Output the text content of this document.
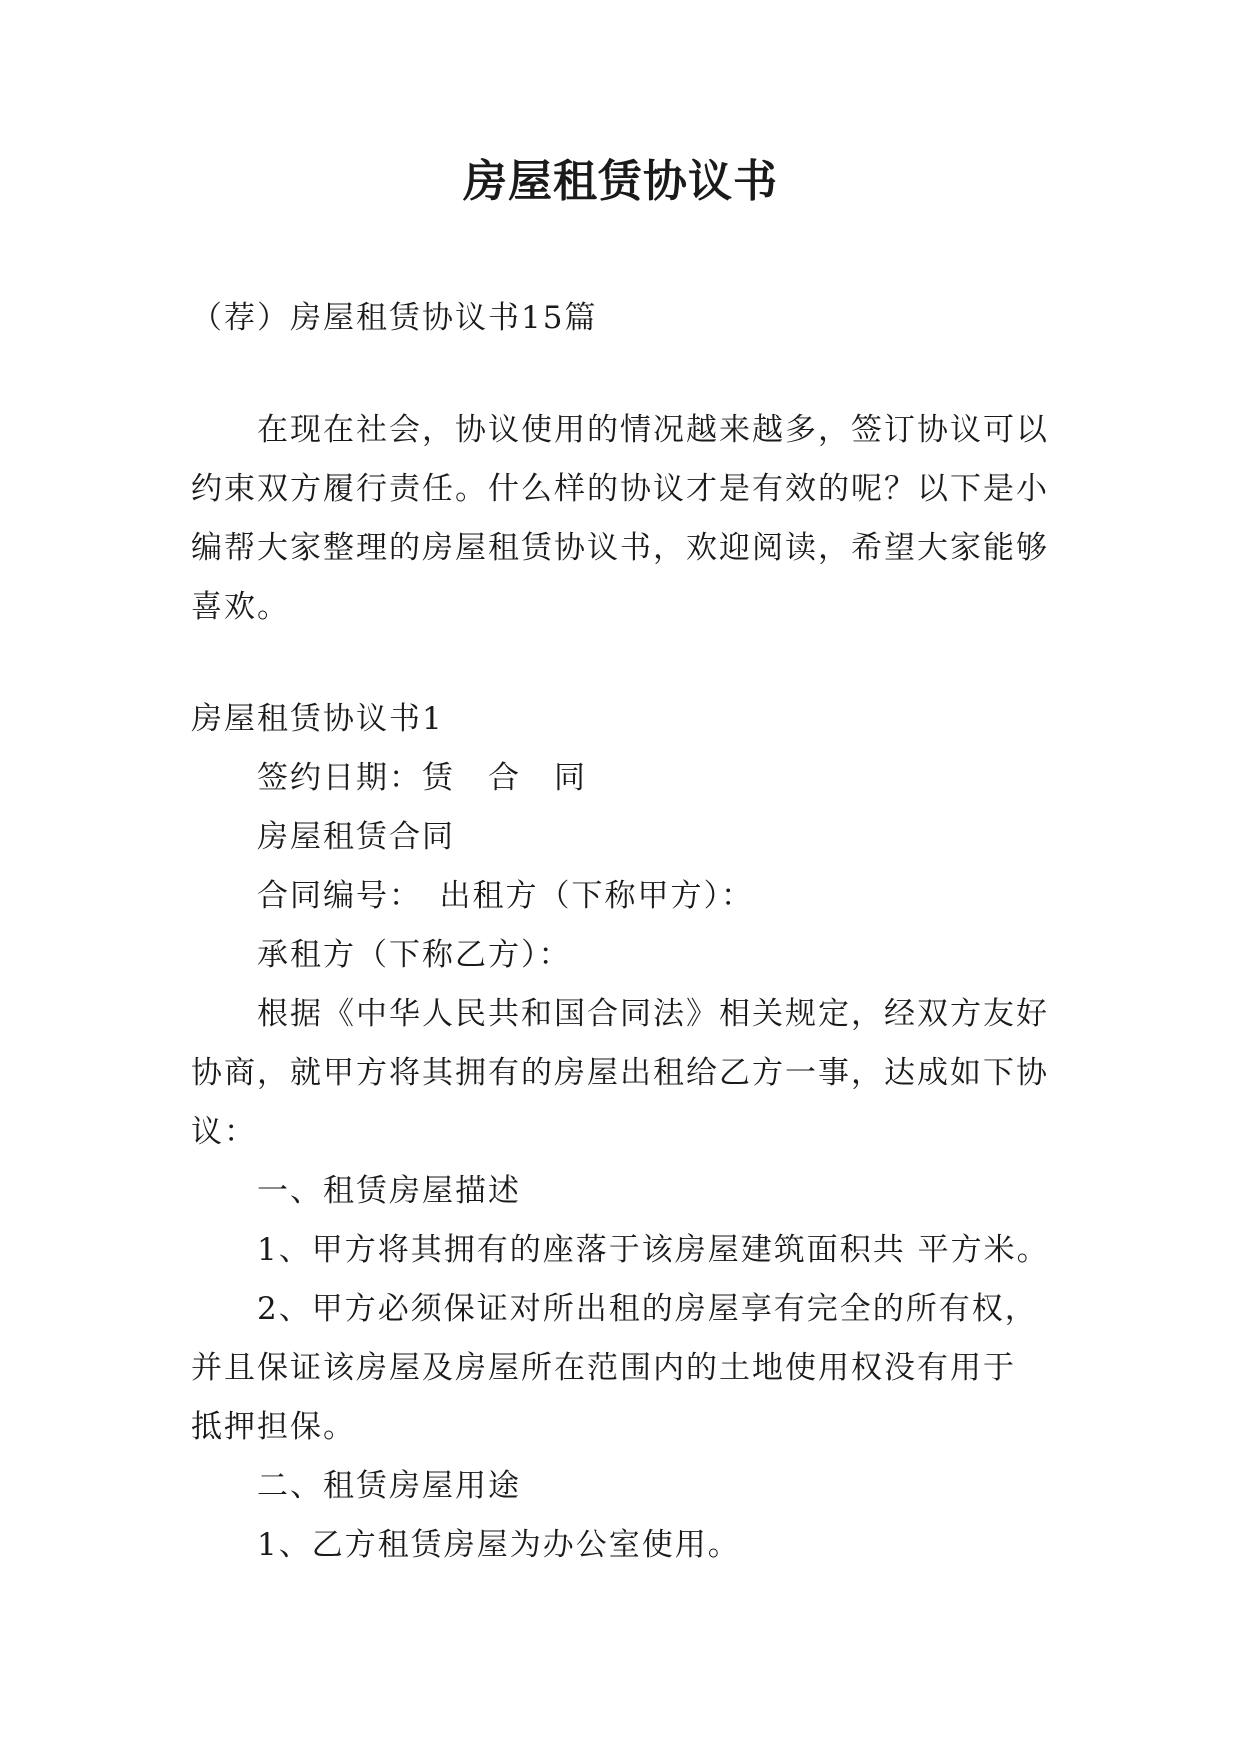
房屋租赁协议书
（荐）房屋租赁协议书15篇
在现在社会，协议使用的情况越来越多，签订协议可以
约束双方履行责任。什么样的协议才是有效的呢？以下是小
编帮大家整理的房屋租赁协议书，欢迎阅读，希望大家能够
喜欢。
房屋租赁协议书1
签约日期：赁　合　同
房屋租赁合同
合同编号：　出租方（下称甲方）：
承租方（下称乙方）：
根据《中华人民共和国合同法》相关规定，经双方友好
协商，就甲方将其拥有的房屋出租给乙方一事，达成如下协
议：
一、租赁房屋描述
1、甲方将其拥有的座落于该房屋建筑面积共 平方米。
2、甲方必须保证对所出租的房屋享有完全的所有权，
并且保证该房屋及房屋所在范围内的土地使用权没有用于
抵押担保。
二、租赁房屋用途
1、乙方租赁房屋为办公室使用。
